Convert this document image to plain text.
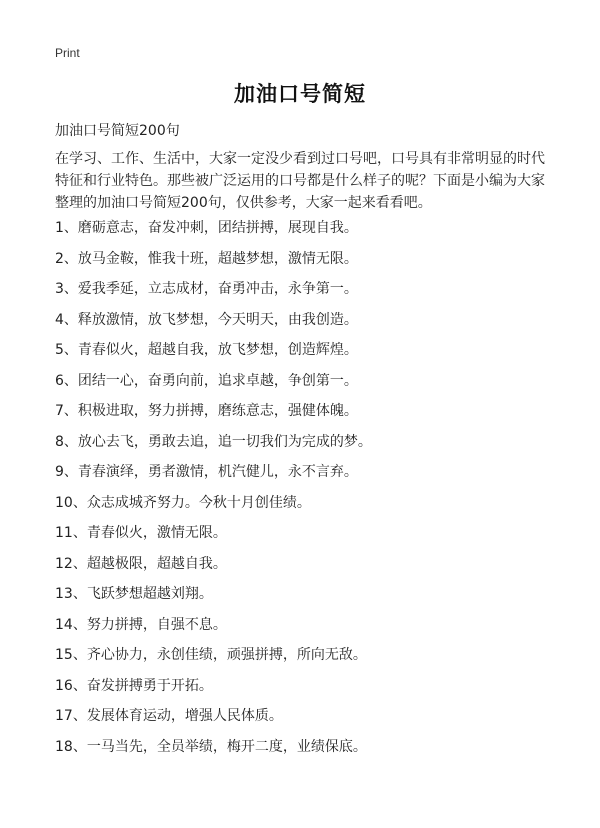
Print
加油口号简短
加油口号简短200句
在学习、工作、生活中，大家一定没少看到过口号吧，口号具有非常明显的时代特征和行业特色。那些被广泛运用的口号都是什么样子的呢？下面是小编为大家整理的加油口号简短200句，仅供参考，大家一起来看看吧。
1、磨砺意志，奋发冲刺，团结拼搏，展现自我。
2、放马金鞍，惟我十班，超越梦想，激情无限。
3、爱我季延，立志成材，奋勇冲击，永争第一。
4、释放激情，放飞梦想，今天明天，由我创造。
5、青春似火，超越自我，放飞梦想，创造辉煌。
6、团结一心，奋勇向前，追求卓越，争创第一。
7、积极进取，努力拼搏，磨练意志，强健体魄。
8、放心去飞，勇敢去追，追一切我们为完成的梦。
9、青春演绎，勇者激情，机汽健儿，永不言弃。
10、众志成城齐努力。今秋十月创佳绩。
11、青春似火，激情无限。
12、超越极限，超越自我。
13、飞跃梦想超越刘翔。
14、努力拼搏，自强不息。
15、齐心协力，永创佳绩，顽强拼搏，所向无敌。
16、奋发拼搏勇于开拓。
17、发展体育运动，增强人民体质。
18、一马当先，全员举绩，梅开二度，业绩保底。
